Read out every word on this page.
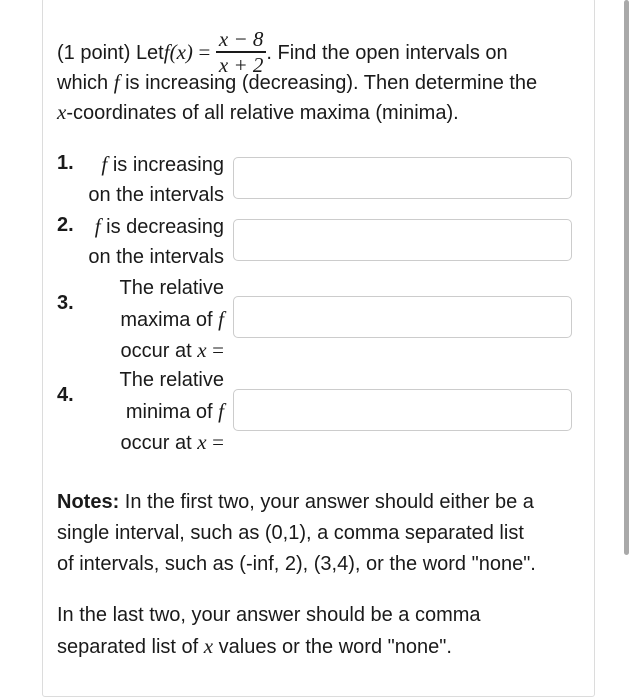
(1 point) Letf(x) = $\frac{x - 8}{x + 2}$ . Find the open intervals on
which f is increasing (decreasing). Then determine the
x-coordinates of all relative maxima (minima).
1. f is increasing
on the intervals
2. f is decreasing
on the intervals
3.
The relative
maxima of f
occur at x =
4.
The relative
minima of f
occur at x =
Notes: In the first two, your answer should either be a
single interval, such as (0,1), a comma separated list
of intervals, such as (-inf, 2), (3,4), or the word "none".
In the last two, your answer should be a comma
separated list of x values or the word "none".
